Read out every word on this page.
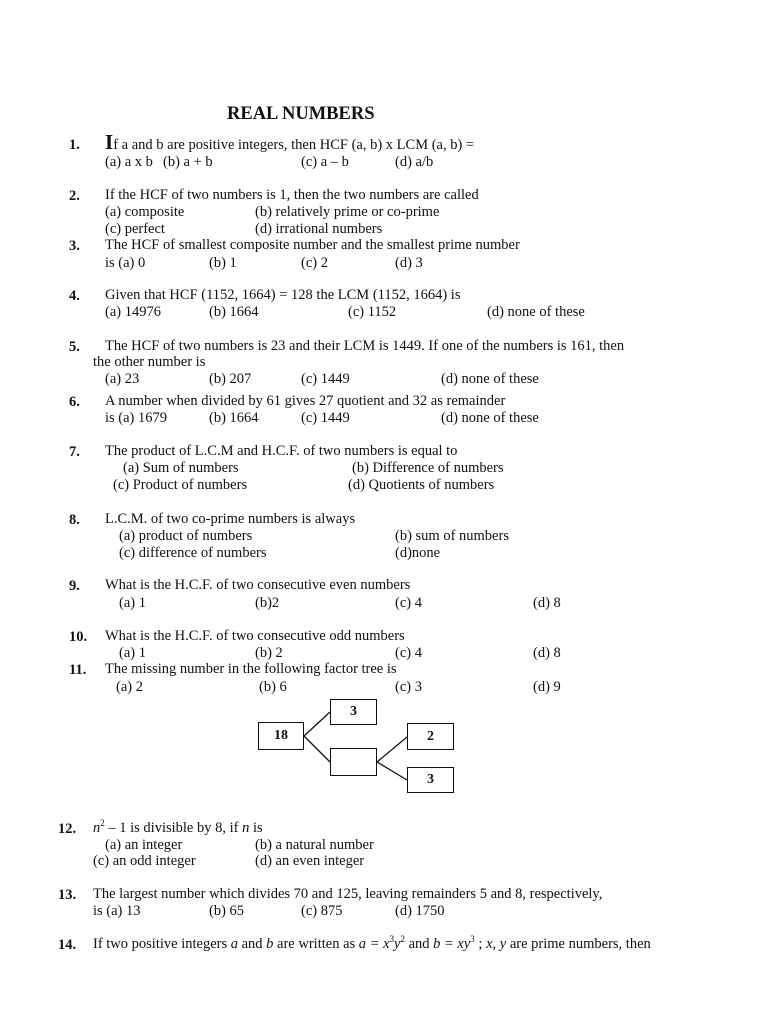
REAL NUMBERS
1. If a and b are positive integers, then HCF (a, b) x LCM (a, b) =
(a) a x b (b) a + b	(c) a – b	(d) a/b
2. If the HCF of two numbers is 1, then the two numbers are called
(a) composite	(b) relatively prime or co-prime
(c) perfect	(d) irrational numbers
3. The HCF of smallest composite number and the smallest prime number
is (a) 0	(b) 1	(c) 2	(d) 3
4. Given that HCF (1152, 1664) = 128 the LCM (1152, 1664) is
(a) 14976	(b) 1664	(c) 1152	(d) none of these
5. The HCF of two numbers is 23 and their LCM is 1449. If one of the numbers is 161, then
the other number is
(a) 23	(b) 207	(c) 1449	(d) none of these
6. A number when divided by 61 gives 27 quotient and 32 as remainder
is (a) 1679	(b) 1664	(c) 1449	(d) none of these
7. The product of L.C.M and H.C.F. of two numbers is equal to
(a) Sum of numbers	(b) Difference of numbers
(c) Product of numbers	(d) Quotients of numbers
8. L.C.M. of two co-prime numbers is always
(a) product of numbers	(b) sum of numbers
(c) difference of numbers	(d)none
9. What is the H.C.F. of two consecutive even numbers
(a) 1	(b)2	(c) 4	(d) 8
10. What is the H.C.F. of two consecutive odd numbers
(a) 1	(b) 2	(c) 4	(d) 8
11. The missing number in the following factor tree is
(a) 2	(b) 6	(c) 3	(d) 9
18
3
2
3
12. $n^2 - 1$ is divisible by 8, if n is
(a) an integer	(b) a natural number
(c) an odd integer	(d) an even integer
13. The largest number which divides 70 and 125, leaving remainders 5 and 8, respectively,
is (a) 13	(b) 65	(c) 875	(d) 1750
14. If two positive integers a and b are written as $a = x^3y^2$ and $b = xy^3$ ; x, y are prime numbers, then
